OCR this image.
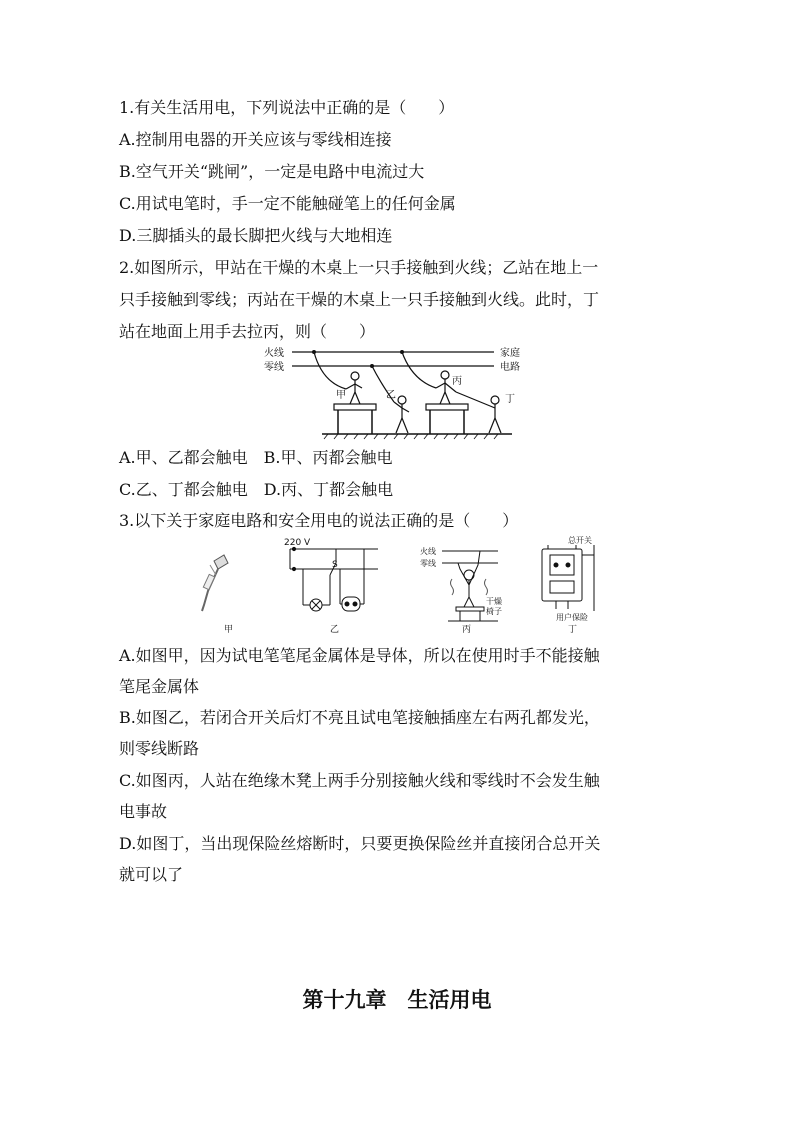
1.有关生活用电，下列说法中正确的是（　　）
A.控制用电器的开关应该与零线相连接
B.空气开关“跳闸”，一定是电路中电流过大
C.用试电笔时，手一定不能触碰笔上的任何金属
D.三脚插头的最长脚把火线与大地相连
2.如图所示，甲站在干燥的木桌上一只手接触到火线；乙站在地上一
只手接触到零线；丙站在干燥的木桌上一只手接触到火线。此时，丁
站在地面上用手去拉丙，则（　　）
火线
零线
家庭
电路
甲	乙
丙
丁
A.甲、乙都会触电　B.甲、丙都会触电
C.乙、丁都会触电　D.丙、丁都会触电
3.以下关于家庭电路和安全用电的说法正确的是（　　）
甲
220 V
S
乙
火线
零线
干燥
椅子
丙
总开关
用户保险
丁
A.如图甲，因为试电笔笔尾金属体是导体，所以在使用时手不能接触
笔尾金属体
B.如图乙，若闭合开关后灯不亮且试电笔接触插座左右两孔都发光，
则零线断路
C.如图丙，人站在绝缘木凳上两手分别接触火线和零线时不会发生触
电事故
D.如图丁，当出现保险丝熔断时，只要更换保险丝并直接闭合总开关
就可以了
第十九章　生活用电
